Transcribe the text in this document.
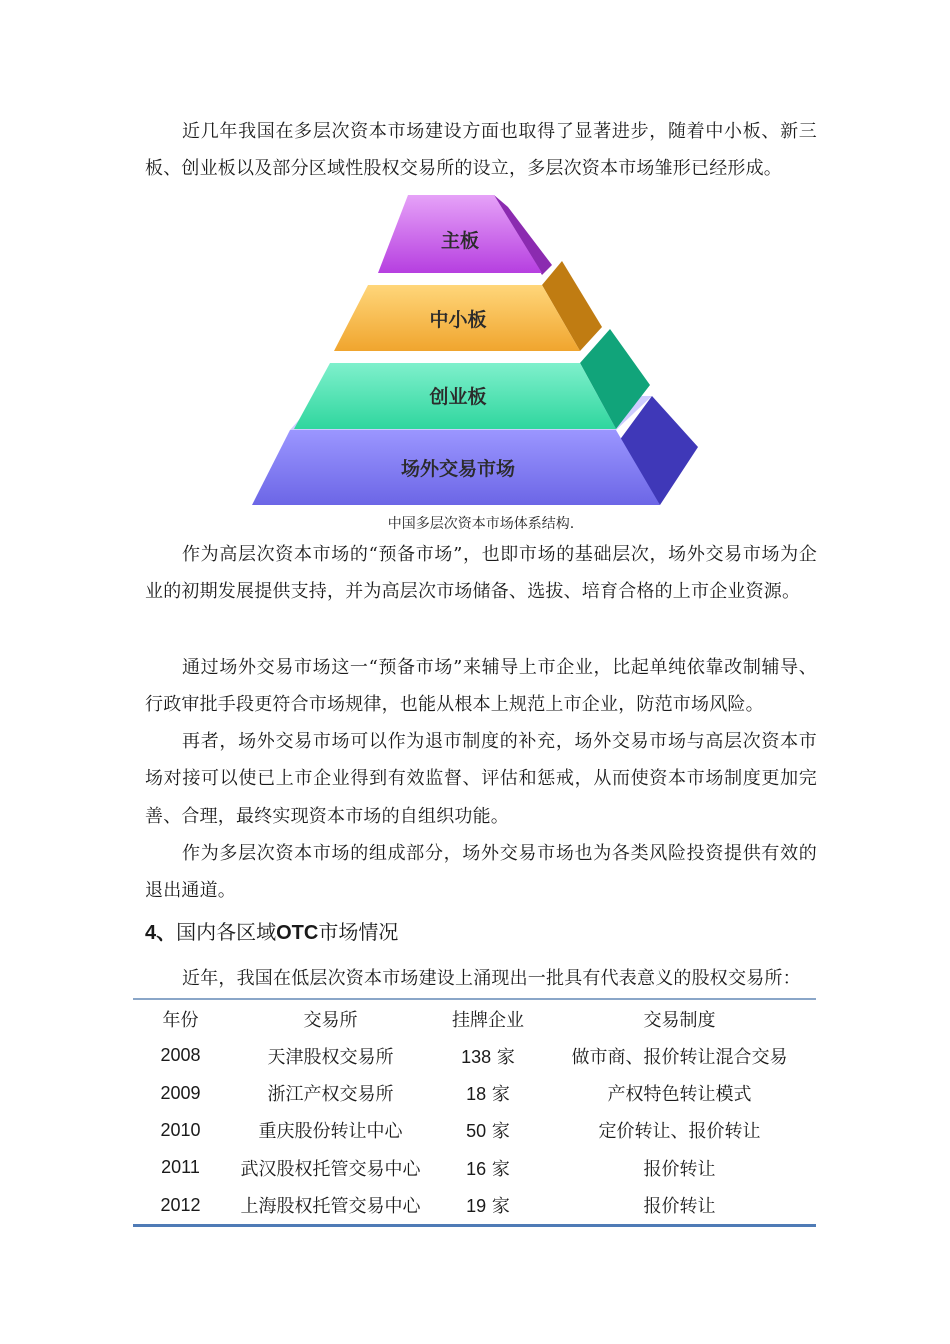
近几年我国在多层次资本市场建设方面也取得了显著进步，随着中小板、新三板、创业板以及部分区域性股权交易所的设立，多层次资本市场雏形已经形成。

场外交易市场
创业板
中小板
主板
中国多层次资本市场体系结构.

作为高层次资本市场的“预备市场”，也即市场的基础层次，场外交易市场为企业的初期发展提供支持，并为高层次市场储备、选拔、培育合格的上市企业资源。

通过场外交易市场这一“预备市场”来辅导上市企业，比起单纯依靠改制辅导、行政审批手段更符合市场规律，也能从根本上规范上市企业，防范市场风险。

再者，场外交易市场可以作为退市制度的补充，场外交易市场与高层次资本市场对接可以使已上市企业得到有效监督、评估和惩戒，从而使资本市场制度更加完善、合理，最终实现资本市场的自组织功能。

作为多层次资本市场的组成部分，场外交易市场也为各类风险投资提供有效的退出通道。

4、国内各区域OTC市场情况

近年，我国在低层次资本市场建设上涌现出一批具有代表意义的股权交易所：

年份	交易所	挂牌企业	交易制度
2008	天津股权交易所	138 家	做市商、报价转让混合交易
2009	浙江产权交易所	18 家	产权特色转让模式
2010	重庆股份转让中心	50 家	定价转让、报价转让
2011	武汉股权托管交易中心	16 家	报价转让
2012	上海股权托管交易中心	19 家	报价转让
